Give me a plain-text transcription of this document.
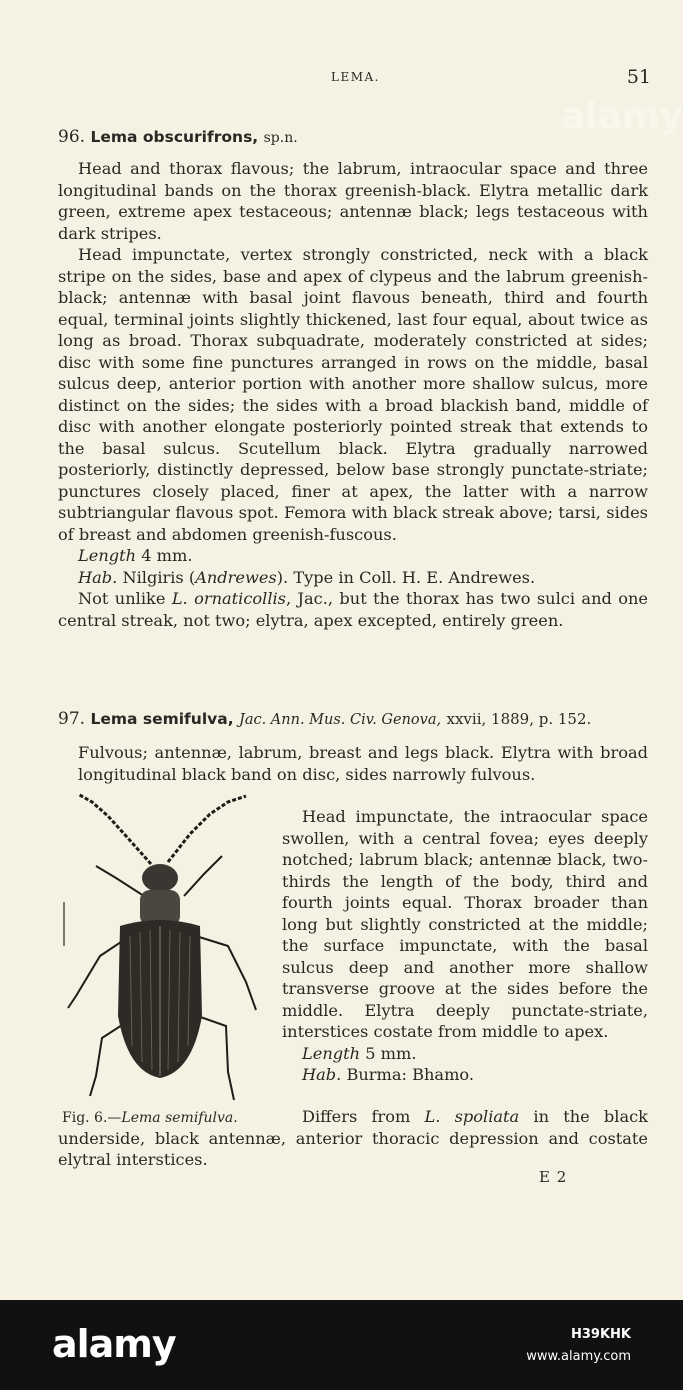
LEMA.	51
alamy
96. Lema obscurifrons, sp.n.

Head and thorax flavous; the labrum, intraocular space and three longitudinal bands on the thorax greenish-black. Elytra metallic dark green, extreme apex testaceous; antennæ black; legs testaceous with dark stripes.

Head impunctate, vertex strongly constricted, neck with a black stripe on the sides, base and apex of clypeus and the labrum greenish-black; antennæ with basal joint flavous beneath, third and fourth equal, terminal joints slightly thickened, last four equal, about twice as long as broad. Thorax subquadrate, moderately constricted at sides; disc with some fine punctures arranged in rows on the middle, basal sulcus deep, anterior portion with another more shallow sulcus, more distinct on the sides; the sides with a broad blackish band, middle of disc with another elongate posteriorly pointed streak that extends to the basal sulcus. Scutellum black. Elytra gradually narrowed posteriorly, distinctly depressed, below base strongly punctate-striate; punctures closely placed, finer at apex, the latter with a narrow subtriangular flavous spot. Femora with black streak above; tarsi, sides of breast and abdomen greenish-fuscous.

Length 4 mm.

Hab. Nilgiris (Andrewes). Type in Coll. H. E. Andrewes.

Not unlike L. ornaticollis, Jac., but the thorax has two sulci and one central streak, not two; elytra, apex excepted, entirely green.

97. Lema semifulva, Jac. Ann. Mus. Civ. Genova, xxvii, 1889, p. 152.

Fulvous; antennæ, labrum, breast and legs black. Elytra with broad longitudinal black band on disc, sides narrowly fulvous.

Fig. 6.—Lema semifulva.

Head impunctate, the intraocular space swollen, with a central fovea; eyes deeply notched; labrum black; antennæ black, two-thirds the length of the body, third and fourth joints equal. Thorax broader than long but slightly constricted at the middle; the surface impunctate, with the basal sulcus deep and another more shallow transverse groove at the sides before the middle. Elytra deeply punctate-striate, interstices costate from middle to apex.

Length 5 mm.

Hab. Burma: Bhamo.

Differs from L. spoliata in the black underside, black antennæ, anterior thoracic depression and costate elytral interstices.

E 2
alamy	H39KHK
www.alamy.com
